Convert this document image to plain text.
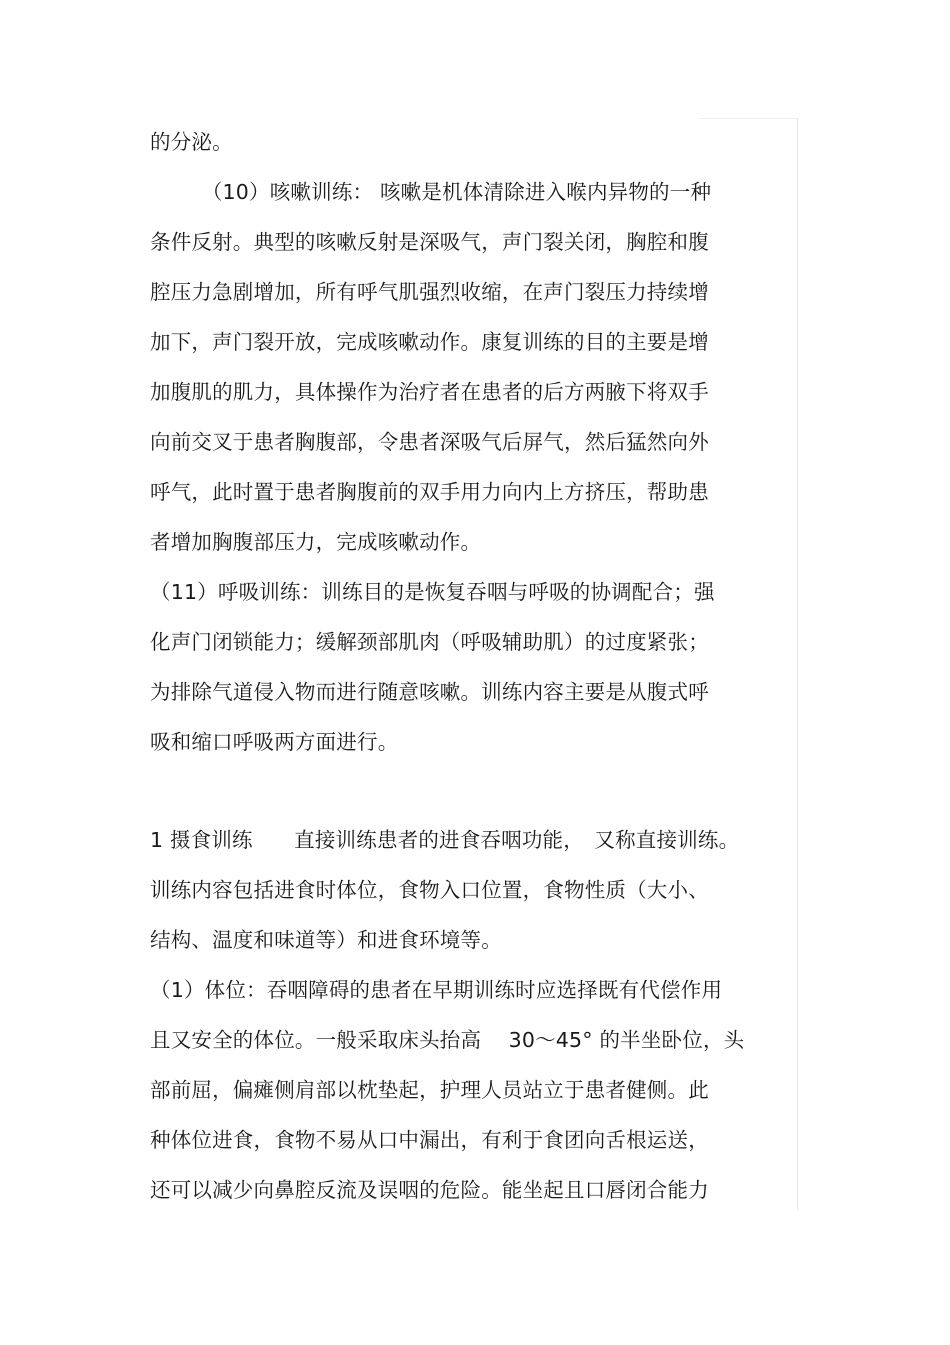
的分泌。
　　　（10）咳嗽训练： 咳嗽是机体清除进入喉内异物的一种
条件反射。典型的咳嗽反射是深吸气，声门裂关闭，胸腔和腹
腔压力急剧增加，所有呼气肌强烈收缩，在声门裂压力持续增
加下，声门裂开放，完成咳嗽动作。康复训练的目的主要是增
加腹肌的肌力，具体操作为治疗者在患者的后方两腋下将双手
向前交叉于患者胸腹部，令患者深吸气后屏气，然后猛然向外
呼气，此时置于患者胸腹前的双手用力向内上方挤压，帮助患
者增加胸腹部压力，完成咳嗽动作。
（11）呼吸训练：训练目的是恢复吞咽与呼吸的协调配合；强
化声门闭锁能力；缓解颈部肌肉（呼吸辅助肌）的过度紧张；
为排除气道侵入物而进行随意咳嗽。训练内容主要是从腹式呼
吸和缩口呼吸两方面进行。
1 摄食训练　　直接训练患者的进食吞咽功能，　又称直接训练。
训练内容包括进食时体位，食物入口位置，食物性质（大小、
结构、温度和味道等）和进食环境等。
（1）体位：吞咽障碍的患者在早期训练时应选择既有代偿作用
且又安全的体位。一般采取床头抬高　 30～45° 的半坐卧位，头
部前屈，偏瘫侧肩部以枕垫起，护理人员站立于患者健侧。此
种体位进食，食物不易从口中漏出，有利于食团向舌根运送，
还可以减少向鼻腔反流及误咽的危险。能坐起且口唇闭合能力
